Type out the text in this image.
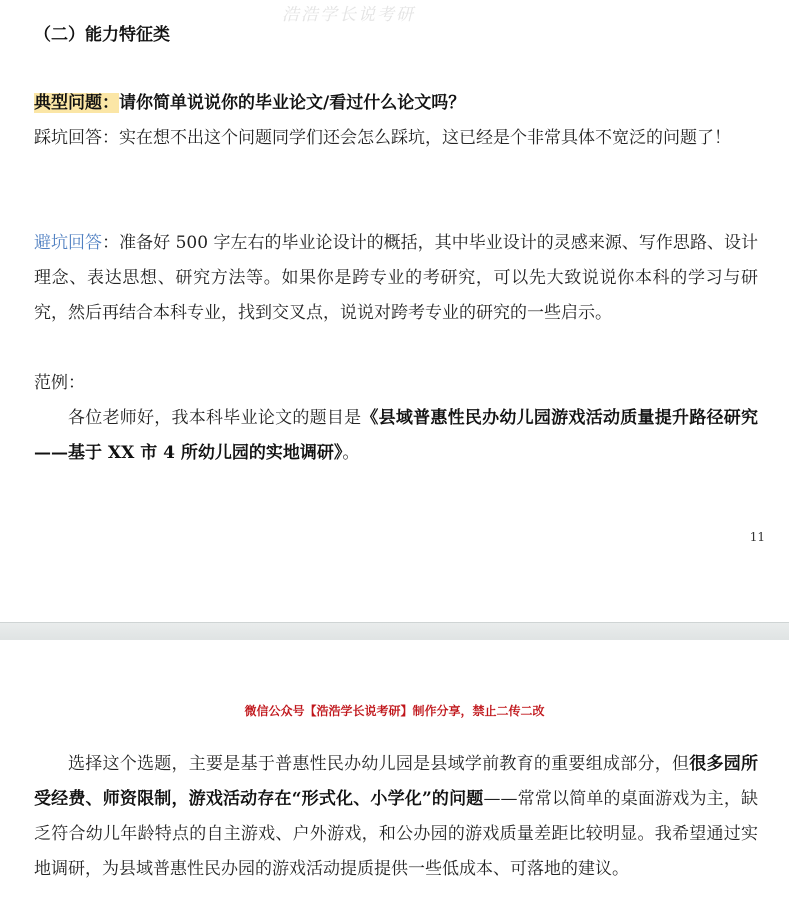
浩浩学长说考研
（二）能力特征类

典型问题：请你简单说说你的毕业论文/看过什么论文吗？

踩坑回答：实在想不出这个问题同学们还会怎么踩坑，这已经是个非常具体不宽泛的问题了！

避坑回答：准备好 500 字左右的毕业论设计的概括，其中毕业设计的灵感来源、写作思路、设计理念、表达思想、研究方法等。如果你是跨专业的考研究，可以先大致说说你本科的学习与研究，然后再结合本科专业，找到交叉点，说说对跨考专业的研究的一些启示。

范例：

各位老师好，我本科毕业论文的题目是《县域普惠性民办幼儿园游戏活动质量提升路径研究——基于 XX 市 4 所幼儿园的实地调研》。

11
微信公众号【浩浩学长说考研】制作分享，禁止二传二改

选择这个选题，主要是基于普惠性民办幼儿园是县域学前教育的重要组成部分，但很多园所受经费、师资限制，游戏活动存在“形式化、小学化”的问题——常常以简单的桌面游戏为主，缺乏符合幼儿年龄特点的自主游戏、户外游戏，和公办园的游戏质量差距比较明显。我希望通过实地调研，为县域普惠性民办园的游戏活动提质提供一些低成本、可落地的建议。
